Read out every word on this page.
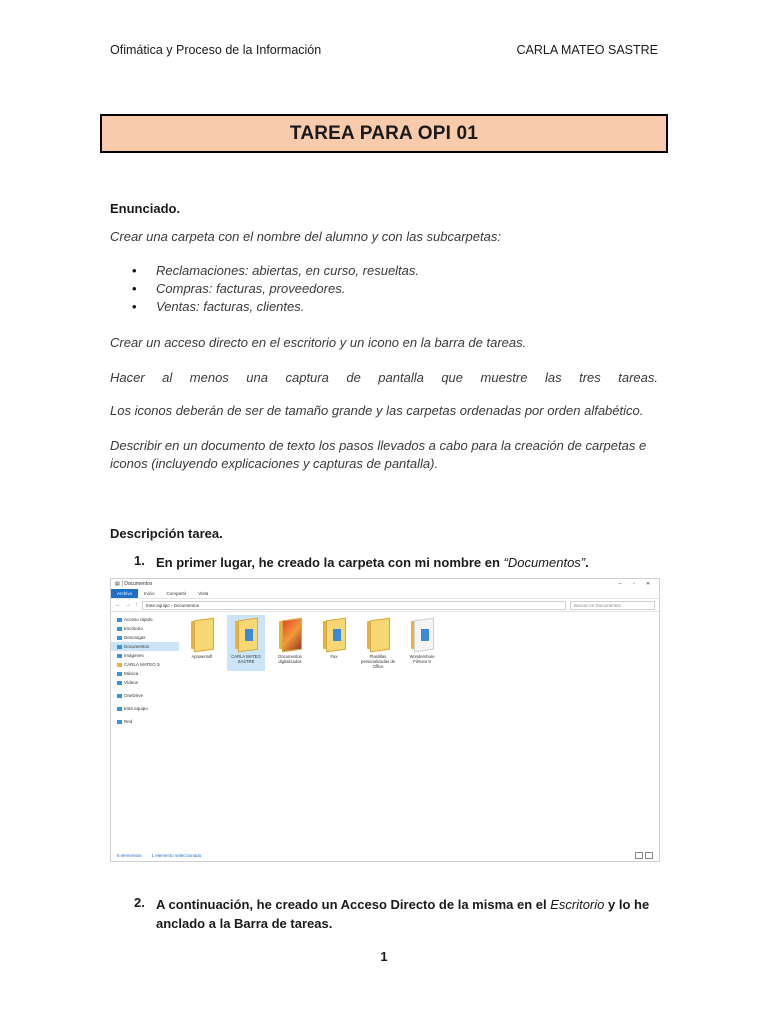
Ofimática y Proceso de la Información	CARLA MATEO SASTRE
TAREA PARA OPI 01
Enunciado.
Crear una carpeta con el nombre del alumno y con las subcarpetas:
• Reclamaciones: abiertas, en curso, resueltas.
• Compras: facturas, proveedores.
• Ventas: facturas, clientes.
Crear un acceso directo en el escritorio y un icono en la barra de tareas.
Hacer al menos una captura de pantalla que muestre las tres tareas.
Los iconos deberán de ser de tamaño grande y las carpetas ordenadas por orden alfabético.
Describir en un documento de texto los pasos llevados a cabo para la creación de carpetas e iconos (incluyendo explicaciones y capturas de pantalla).
Descripción tarea.
1. En primer lugar, he creado la carpeta con mi nombre en “Documentos”.
▤ │ Documentos	–	▫	✕
Archivo	Inicio	Compartir	Vista
← → ↑	Este equipo › Documentos	Buscar en Documentos
Acceso rápido
Escritorio
Descargas
Documentos
Imágenes
CARLA MATEO S
Música
Vídeos
OneDrive
Este equipo
Red
Apowersoft	CARLA MATEO SASTRE
Documentos digitalizados
Fax	Plantillas personalizadas de Office
Wondershare Filmora 9
6 elementos 1 elemento seleccionado
2. A continuación, he creado un Acceso Directo de la misma en el Escritorio y lo he anclado a la Barra de tareas.
1
